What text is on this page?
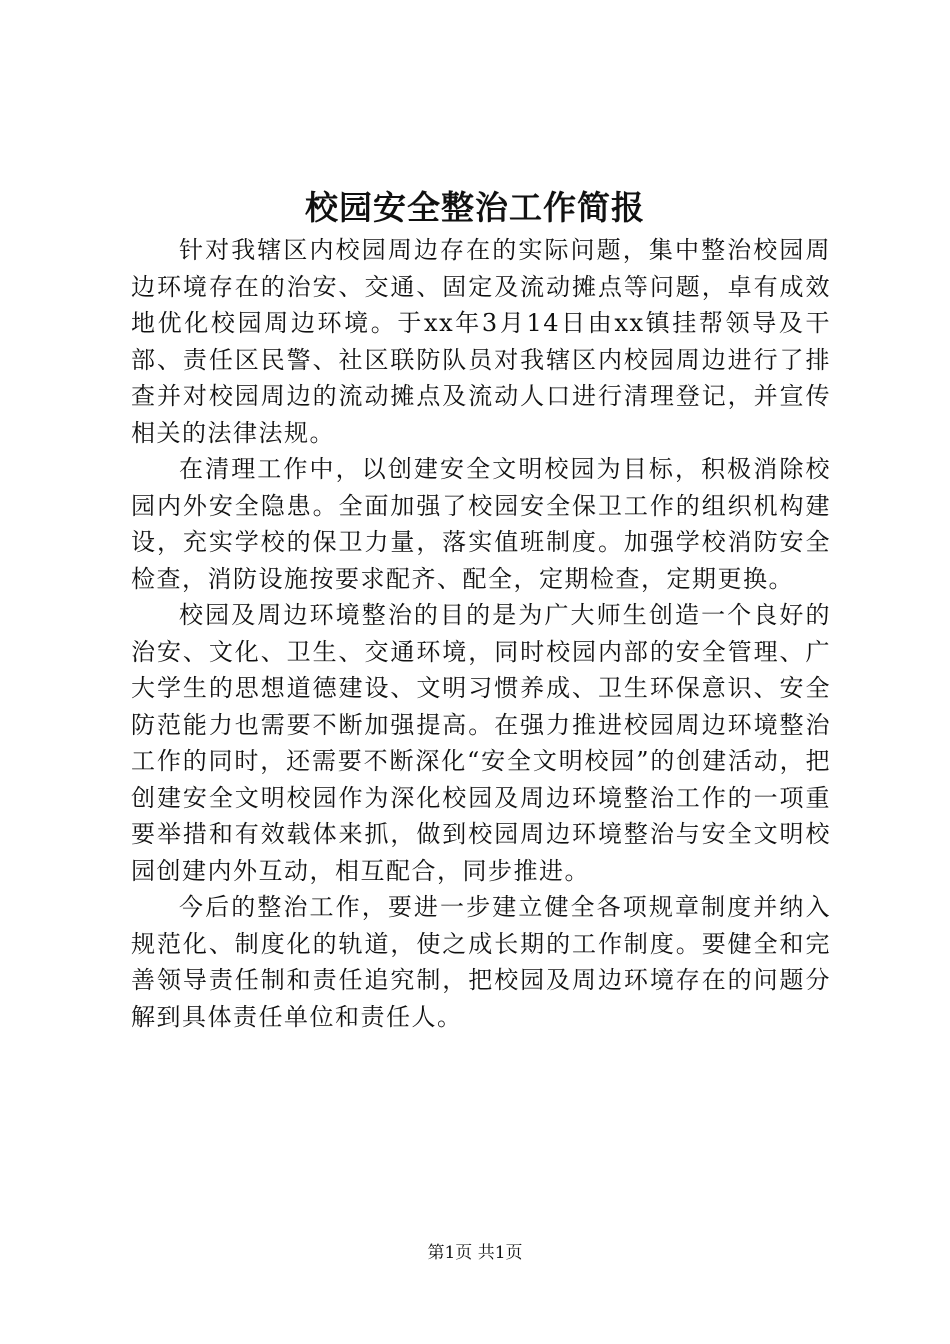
校园安全整治工作简报

针对我辖区内校园周边存在的实际问题，集中整治校园周边环境存在的治安、交通、固定及流动摊点等问题，卓有成效地优化校园周边环境。于xx年3月14日由xx镇挂帮领导及干部、责任区民警、社区联防队员对我辖区内校园周边进行了排查并对校园周边的流动摊点及流动人口进行清理登记，并宣传相关的法律法规。

在清理工作中，以创建安全文明校园为目标，积极消除校园内外安全隐患。全面加强了校园安全保卫工作的组织机构建设，充实学校的保卫力量，落实值班制度。加强学校消防安全检查，消防设施按要求配齐、配全，定期检查，定期更换。

校园及周边环境整治的目的是为广大师生创造一个良好的治安、文化、卫生、交通环境，同时校园内部的安全管理、广大学生的思想道德建设、文明习惯养成、卫生环保意识、安全防范能力也需要不断加强提高。在强力推进校园周边环境整治工作的同时，还需要不断深化“安全文明校园”的创建活动，把创建安全文明校园作为深化校园及周边环境整治工作的一项重要举措和有效载体来抓，做到校园周边环境整治与安全文明校园创建内外互动，相互配合，同步推进。

今后的整治工作，要进一步建立健全各项规章制度并纳入规范化、制度化的轨道，使之成长期的工作制度。要健全和完善领导责任制和责任追究制，把校园及周边环境存在的问题分解到具体责任单位和责任人。

第1页 共1页
